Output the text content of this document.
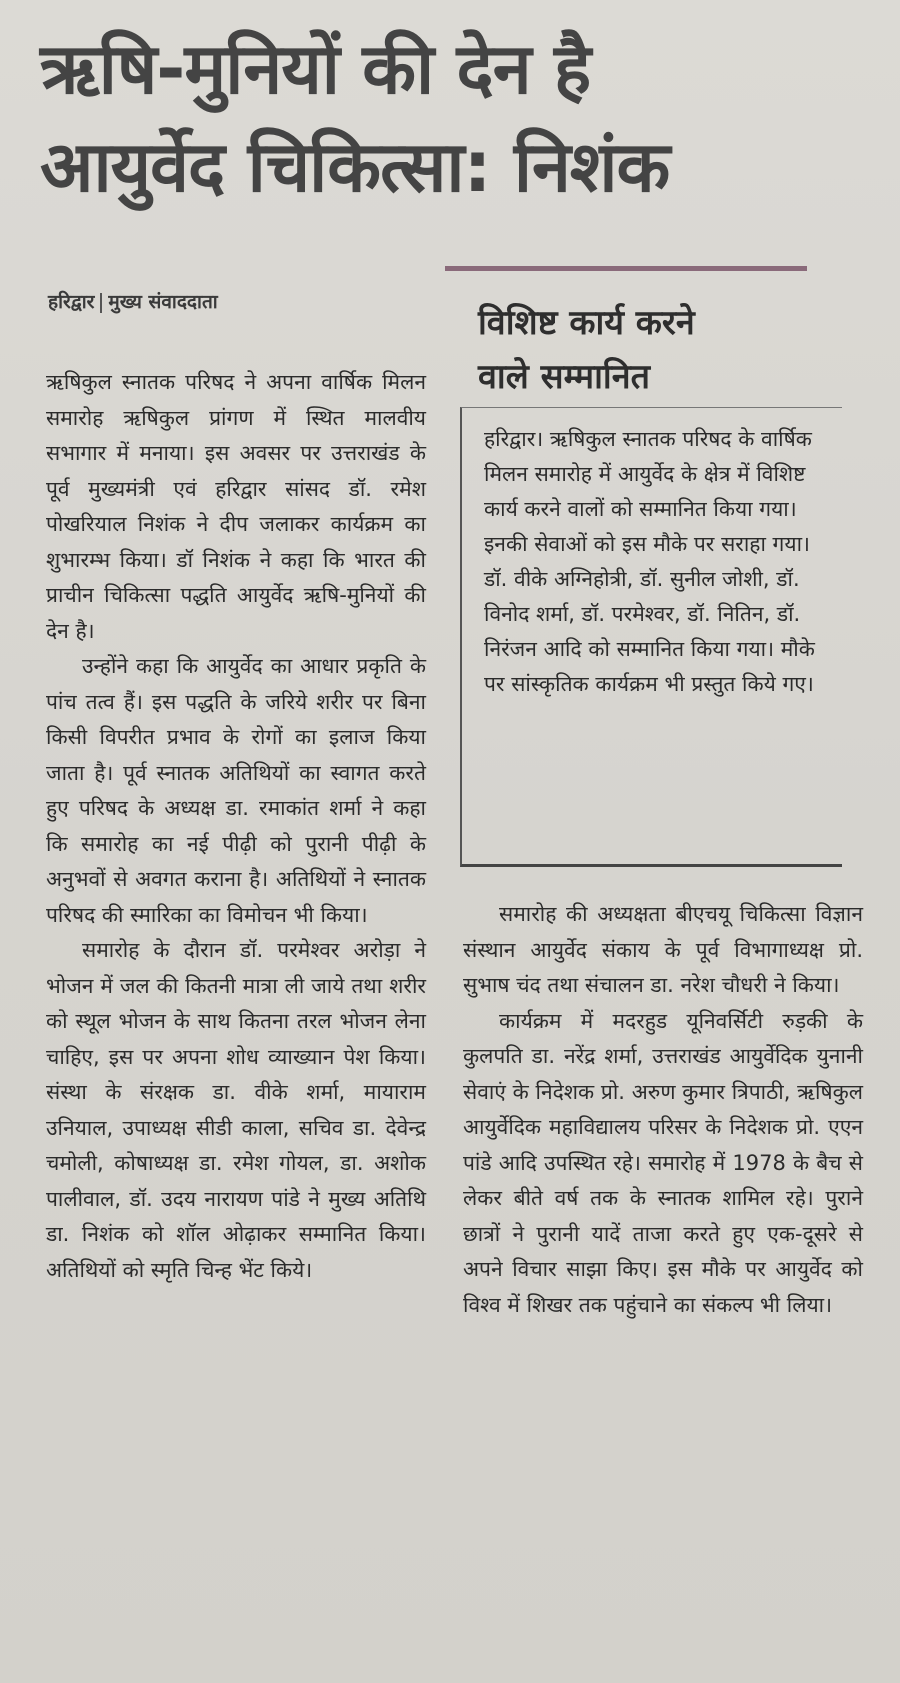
ऋषि-मुनियों की देन है
आयुर्वेद चिकित्सा: निशंक
हरिद्वार मुख्य संवाददाता

ऋषिकुल स्नातक परिषद ने अपना वार्षिक मिलन समारोह ऋषिकुल प्रांगण में स्थित मालवीय सभागार में मनाया। इस अवसर पर उत्तराखंड के पूर्व मुख्यमंत्री एवं हरिद्वार सांसद डॉ. रमेश पोखरियाल निशंक ने दीप जलाकर कार्यक्रम का शुभारम्भ किया। डॉ निशंक ने कहा कि भारत की प्राचीन चिकित्सा पद्धति आयुर्वेद ऋषि-मुनियों की देन है।

उन्होंने कहा कि आयुर्वेद का आधार प्रकृति के पांच तत्व हैं। इस पद्धति के जरिये शरीर पर बिना किसी विपरीत प्रभाव के रोगों का इलाज किया जाता है। पूर्व स्नातक अतिथियों का स्वागत करते हुए परिषद के अध्यक्ष डा. रमाकांत शर्मा ने कहा कि समारोह का नई पीढ़ी को पुरानी पीढ़ी के अनुभवों से अवगत कराना है। अतिथियों ने स्नातक परिषद की स्मारिका का विमोचन भी किया।

समारोह के दौरान डॉ. परमेश्वर अरोड़ा ने भोजन में जल की कितनी मात्रा ली जाये तथा शरीर को स्थूल भोजन के साथ कितना तरल भोजन लेना चाहिए, इस पर अपना शोध व्याख्यान पेश किया। संस्था के संरक्षक डा. वीके शर्मा, मायाराम उनियाल, उपाध्यक्ष सीडी काला, सचिव डा. देवेन्द्र चमोली, कोषाध्यक्ष डा. रमेश गोयल, डा. अशोक पालीवाल, डॉ. उदय नारायण पांडे ने मुख्य अतिथि डा. निशंक को शॉल ओढ़ाकर सम्मानित किया। अतिथियों को स्मृति चिन्ह भेंट किये।

विशिष्ट कार्य करने
वाले सम्मानित
हरिद्वार। ऋषिकुल स्नातक परिषद के वार्षिक मिलन समारोह में आयुर्वेद के क्षेत्र में विशिष्ट कार्य करने वालों को सम्मानित किया गया। इनकी सेवाओं को इस मौके पर सराहा गया। डॉ. वीके अग्निहोत्री, डॉ. सुनील जोशी, डॉ. विनोद शर्मा, डॉ. परमेश्वर, डॉ. नितिन, डॉ. निरंजन आदि को सम्मानित किया गया। मौके पर सांस्कृतिक कार्यक्रम भी प्रस्तुत किये गए।

समारोह की अध्यक्षता बीएचयू चिकित्सा विज्ञान संस्थान आयुर्वेद संकाय के पूर्व विभागाध्यक्ष प्रो. सुभाष चंद तथा संचालन डा. नरेश चौधरी ने किया।

कार्यक्रम में मदरहुड यूनिवर्सिटी रुड़की के कुलपति डा. नरेंद्र शर्मा, उत्तराखंड आयुर्वेदिक युनानी सेवाएं के निदेशक प्रो. अरुण कुमार त्रिपाठी, ऋषिकुल आयुर्वेदिक महाविद्यालय परिसर के निदेशक प्रो. एएन पांडे आदि उपस्थित रहे। समारोह में 1978 के बैच से लेकर बीते वर्ष तक के स्नातक शामिल रहे। पुराने छात्रों ने पुरानी यादें ताजा करते हुए एक-दूसरे से अपने विचार साझा किए। इस मौके पर आयुर्वेद को विश्व में शिखर तक पहुंचाने का संकल्प भी लिया।
